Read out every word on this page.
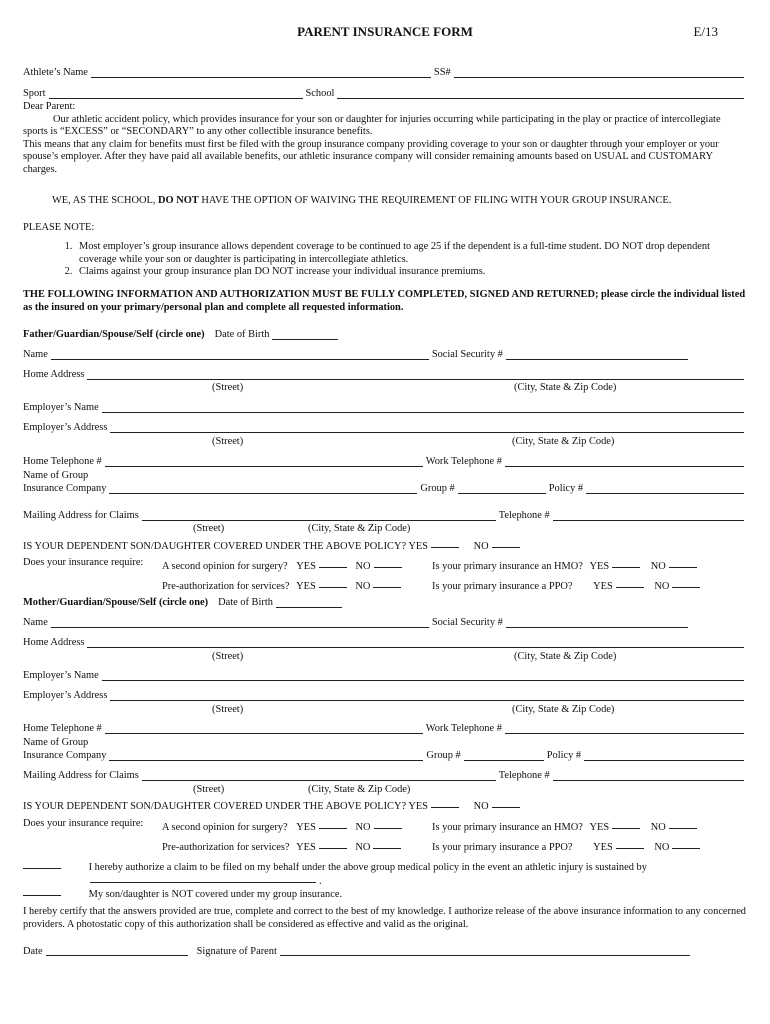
PARENT INSURANCE FORM	E/13
Athlete’s Name	SS#
Sport	School
Dear Parent:
Our athletic accident policy, which provides insurance for your son or daughter for injuries occurring while participating in the play or practice of intercollegiate sports is “EXCESS” or “SECONDARY” to any other collectible insurance benefits.
This means that any claim for benefits must first be filed with the group insurance company providing coverage to your son or daughter through your employer or your spouse’s employer. After they have paid all available benefits, our athletic insurance company will consider remaining amounts based on USUAL and CUSTOMARY charges.
WE, AS THE SCHOOL, DO NOT HAVE THE OPTION OF WAIVING THE REQUIREMENT OF FILING WITH YOUR GROUP INSURANCE.
PLEASE NOTE:
1. Most employer’s group insurance allows dependent coverage to be continued to age 25 if the dependent is a full-time student. DO NOT drop dependent coverage while your son or daughter is participating in intercollegiate athletics.
2. Claims against your group insurance plan DO NOT increase your individual insurance premiums.
THE FOLLOWING INFORMATION AND AUTHORIZATION MUST BE FULLY COMPLETED, SIGNED AND RETURNED; please circle the individual listed as the insured on your primary/personal plan and complete all requested information.
Father/Guardian/Spouse/Self (circle one) Date of Birth
Name	Social Security #
Home Address
(Street)	(City, State & Zip Code)
Employer’s Name
Employer’s Address
(Street)	(City, State & Zip Code)
Home Telephone #	Work Telephone #
Name of Group
Insurance Company	Group #	Policy #
Mailing Address for Claims	Telephone #
(Street)	(City, State & Zip Code)
IS YOUR DEPENDENT SON/DAUGHTER COVERED UNDER THE ABOVE POLICY? YES	NO
Does your insurance require: A second opinion for surgery? YES	NO	Is your primary insurance an HMO? YES	NO
Pre-authorization for services? YES	NO	Is your primary insurance a PPO? YES	NO
Mother/Guardian/Spouse/Self (circle one) Date of Birth
Name	Social Security #
Home Address
(Street)	(City, State & Zip Code)
Employer’s Name
Employer’s Address
(Street)	(City, State & Zip Code)
Home Telephone #	Work Telephone #
Name of Group
Insurance Company	Group #	Policy #
Mailing Address for Claims	Telephone #
(Street)	(City, State & Zip Code)
IS YOUR DEPENDENT SON/DAUGHTER COVERED UNDER THE ABOVE POLICY? YES	NO
Does your insurance require: A second opinion for surgery? YES	NO	Is your primary insurance an HMO? YES	NO
Pre-authorization for services? YES	NO	Is your primary insurance a PPO? YES	NO
I hereby authorize a claim to be filed on my behalf under the above group medical policy in the event an athletic injury is sustained by
.
My son/daughter is NOT covered under my group insurance.
I hereby certify that the answers provided are true, complete and correct to the best of my knowledge. I authorize release of the above insurance information to any concerned providers. A photostatic copy of this authorization shall be considered as effective and valid as the original.
Date	Signature of Parent
